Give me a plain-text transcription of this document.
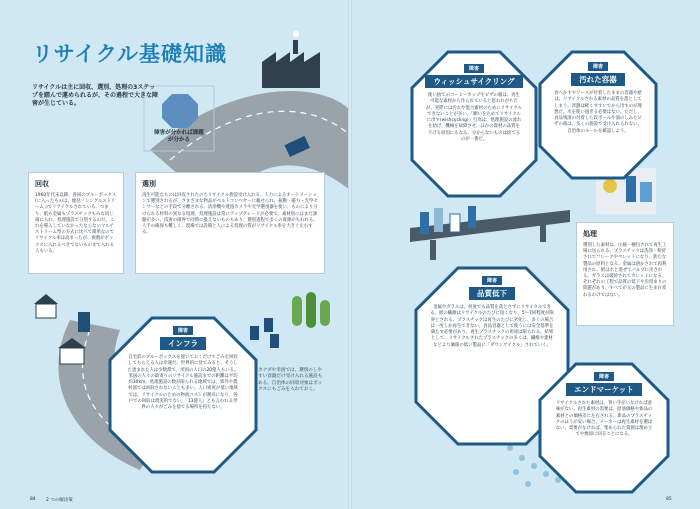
リサイクル基礎知識
リサイクルは主に回収、選別、処理の3ステップを踏んで運められるが、その過程で大きな障害が生じている。
障害が分かれば課題が分かる
回収
1960年代末以降、各国のブルーボックス(に入ったものは、総括「シングルストリーム」)でリサイクルされている。つまり、紙も金属もプラスチックもみな同じ箱に入れ、処理施設で分別するのだ。これを導入していなかったならないマルチストリーム型の方式に比べて簡単なのでリサイクル率は高まったが、複数がボックスに入れるべきでないものまで入れる人もいる。
選別
再生可能なものは回収されたのちリサイクル施設受け入れる。人力によるオートメーションで選別されるが、さまざまな物品がベルトコンベヤーに載せられ、振動・磁力・光学センサーなどの手段で分離される。清浄機や透過カメラや光学選別器を使い、ものにより分けられる材料の異なる処理、処理施設は常にアップグレードが必要で、素材別にはまだ課題が多い。技術の限界で同時に扱えないものもあり、選別過程で多くの資源が失われる。人手の確保も難しく、現場では設備と人による処理の質がリサイクル率を大きく左右する。
障害
インフラ
自宅前のブルーボックスを置いておくだけでごみを回収してもらえる人は幸運だ。世界的に見てみると、そうした恵まれた人は少数派で、米国の人口の20億人もいる。米国の人々の最寄りのリサイクル施設までの距離は平均約30km。処理施設の数が限られる地域では、郊外や農村部では回収されないことも多い。人口密度が低い地域では、リサイクルのための物流コストが割高になり、各戸での回収は現実的でない。「13億人」とも言われる世界の人々がごみを捨てる場所を持たない。
カナダや米国では、選別のしやすい容器だけ受け入れる施設もある。自治体の回収対象はボックスにもごみを入れておく。
84 2 つの解決策
障害
ウィッシュサイクリング
使い捨てのコーヒーカップやピザの箱は、再生可能な素材から作られていると思われがちだが、実際には汚れや混合素材のためにリサイクルできないことが多い。「願いを込めてリサイクルに出す(wishcycling)」行為は、処理施設の流れを妨げ、機械を故障させ、ほかの資材の品質を下げる原因にもなる。分からないものは捨てるのが一番だ。
障害
汚れた容器
食べかすやソースが付着したままの容器や紙は、リサイクルされる素材の品質を落としてしまう。容器は軽くすすいでから出すのが理想だ。水を使い過ぎる必要はない。ただし、食品残渣の付着した段ボールや油のしみたピザの箱は、多くの施設で受け入れられない。自治体のルールを確認しよう。
処理
選別した素材は、圧縮・梱包されて再生工場に送られる。プラスチックは洗浄・粉砕されてフレークやペレットになり、新たな製品の原料となる。金属は溶かされて再利用され、紙は水と混ぜてパルプに戻される。ガラスは破砕されてカレットになる。それぞれの工程で品質の低下や歩留まりの問題があり、すべてが元の製品に生まれ変わるわけではない。
障害
品質低下
金属やガラスは、何度でも品質を落とさずにリサイクルできる。紙の繊維はリサイクルのたびに短くなり、5〜7回程度が限界とされる。プラスチックは再生のたびに劣化し、多くの場合は一度しか再生できない。食品容器として使うには安全基準を満たす必要があり、再生プラスチックの用途は限られる。結果として、リサイクルされたプラスチックの多くは、繊維や建材などより価値の低い製品に「ダウンサイクル」されていく。
障害
エンドマーケット
リサイクルされた素材は、買い手がいなければ意味がない。再生素材の需要は、原油価格や新品の素材との価格差に左右される。新品のプラスチックのほうが安い場合、メーカーは再生素材を選ばない。需要がなければ、集められた資源は埋め立てや焼却に回ることになる。
85
